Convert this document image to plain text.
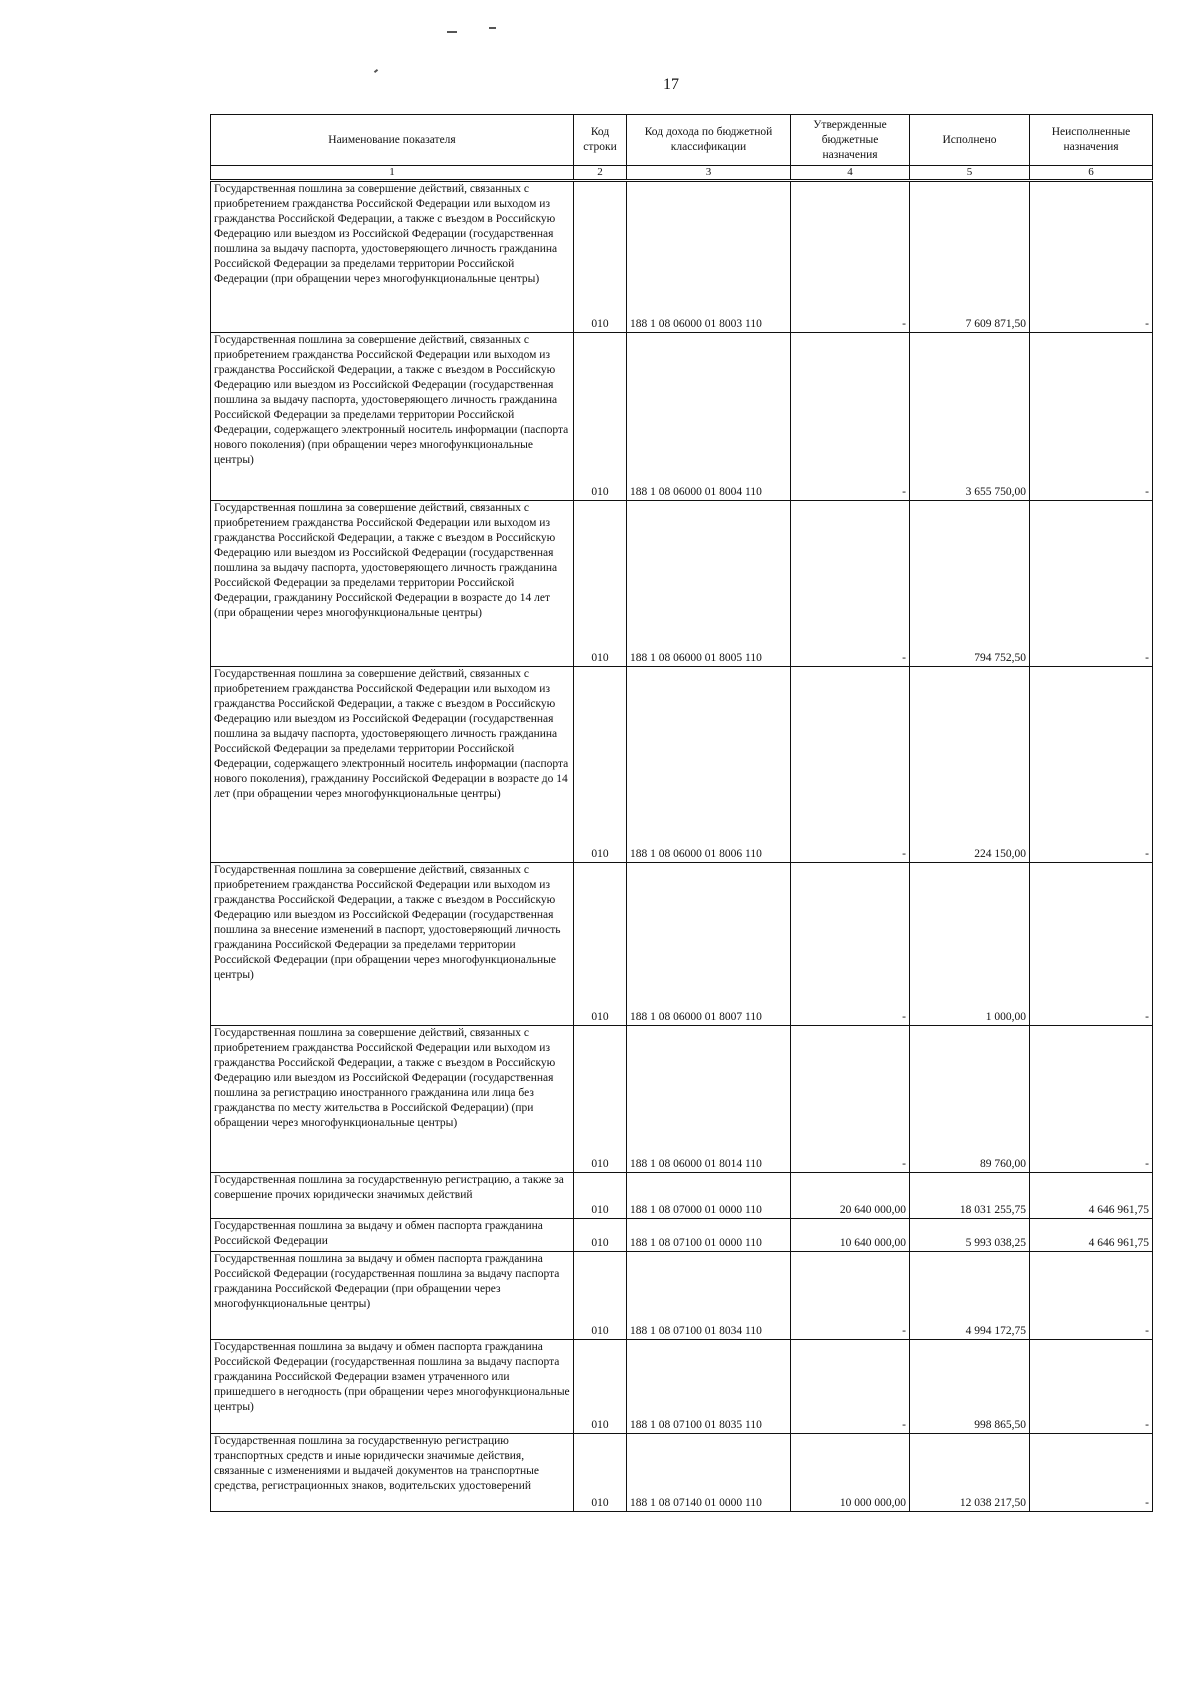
17
Наименование показателя	Код строки	Код дохода по бюджетной классификации	Утвержденные бюджетные назначения	Исполнено	Неисполненные назначения
1	2	3	4	5	6
Государственная пошлина за совершение действий, связанных с приобретением гражданства Российской Федерации или выходом из гражданства Российской Федерации, а также с въездом в Российскую Федерацию или выездом из Российской Федерации (государственная пошлина за выдачу паспорта, удостоверяющего личность гражданина Российской Федерации за пределами территории Российской Федерации (при обращении через многофункциональные центры)	010	188 1 08 06000 01 8003 110	-	7 609 871,50	-
Государственная пошлина за совершение действий, связанных с приобретением гражданства Российской Федерации или выходом из гражданства Российской Федерации, а также с въездом в Российскую Федерацию или выездом из Российской Федерации (государственная пошлина за выдачу паспорта, удостоверяющего личность гражданина Российской Федерации за пределами территории Российской Федерации, содержащего электронный носитель информации (паспорта нового поколения) (при обращении через многофункциональные центры)	010	188 1 08 06000 01 8004 110	-	3 655 750,00	-
Государственная пошлина за совершение действий, связанных с приобретением гражданства Российской Федерации или выходом из гражданства Российской Федерации, а также с въездом в Российскую Федерацию или выездом из Российской Федерации (государственная пошлина за выдачу паспорта, удостоверяющего личность гражданина Российской Федерации за пределами территории Российской Федерации, гражданину Российской Федерации в возрасте до 14 лет (при обращении через многофункциональные центры)	010	188 1 08 06000 01 8005 110	-	794 752,50	-
Государственная пошлина за совершение действий, связанных с приобретением гражданства Российской Федерации или выходом из гражданства Российской Федерации, а также с въездом в Российскую Федерацию или выездом из Российской Федерации (государственная пошлина за выдачу паспорта, удостоверяющего личность гражданина Российской Федерации за пределами территории Российской Федерации, содержащего электронный носитель информации (паспорта нового поколения), гражданину Российской Федерации в возрасте до 14 лет (при обращении через многофункциональные центры)	010	188 1 08 06000 01 8006 110	-	224 150,00	-
Государственная пошлина за совершение действий, связанных с приобретением гражданства Российской Федерации или выходом из гражданства Российской Федерации, а также с въездом в Российскую Федерацию или выездом из Российской Федерации (государственная пошлина за внесение изменений в паспорт, удостоверяющий личность гражданина Российской Федерации за пределами территории Российской Федерации (при обращении через многофункциональные центры)	010	188 1 08 06000 01 8007 110	-	1 000,00	-
Государственная пошлина за совершение действий, связанных с приобретением гражданства Российской Федерации или выходом из гражданства Российской Федерации, а также с въездом в Российскую Федерацию или выездом из Российской Федерации (государственная пошлина за регистрацию иностранного гражданина или лица без гражданства по месту жительства в Российской Федерации) (при обращении через многофункциональные центры)	010	188 1 08 06000 01 8014 110	-	89 760,00	-
Государственная пошлина за государственную регистрацию, а также за совершение прочих юридически значимых действий	010	188 1 08 07000 01 0000 110	20 640 000,00	18 031 255,75	4 646 961,75
Государственная пошлина за выдачу и обмен паспорта гражданина Российской Федерации	010	188 1 08 07100 01 0000 110	10 640 000,00	5 993 038,25	4 646 961,75
Государственная пошлина за выдачу и обмен паспорта гражданина Российской Федерации (государственная пошлина за выдачу паспорта гражданина Российской Федерации (при обращении через многофункциональные центры)	010	188 1 08 07100 01 8034 110	-	4 994 172,75	-
Государственная пошлина за выдачу и обмен паспорта гражданина Российской Федерации (государственная пошлина за выдачу паспорта гражданина Российской Федерации взамен утраченного или пришедшего в негодность (при обращении через многофункциональные центры)	010	188 1 08 07100 01 8035 110	-	998 865,50	-
Государственная пошлина за государственную регистрацию транспортных средств и иные юридически значимые действия, связанные с изменениями и выдачей документов на транспортные средства, регистрационных знаков, водительских удостоверений	010	188 1 08 07140 01 0000 110	10 000 000,00	12 038 217,50	-
